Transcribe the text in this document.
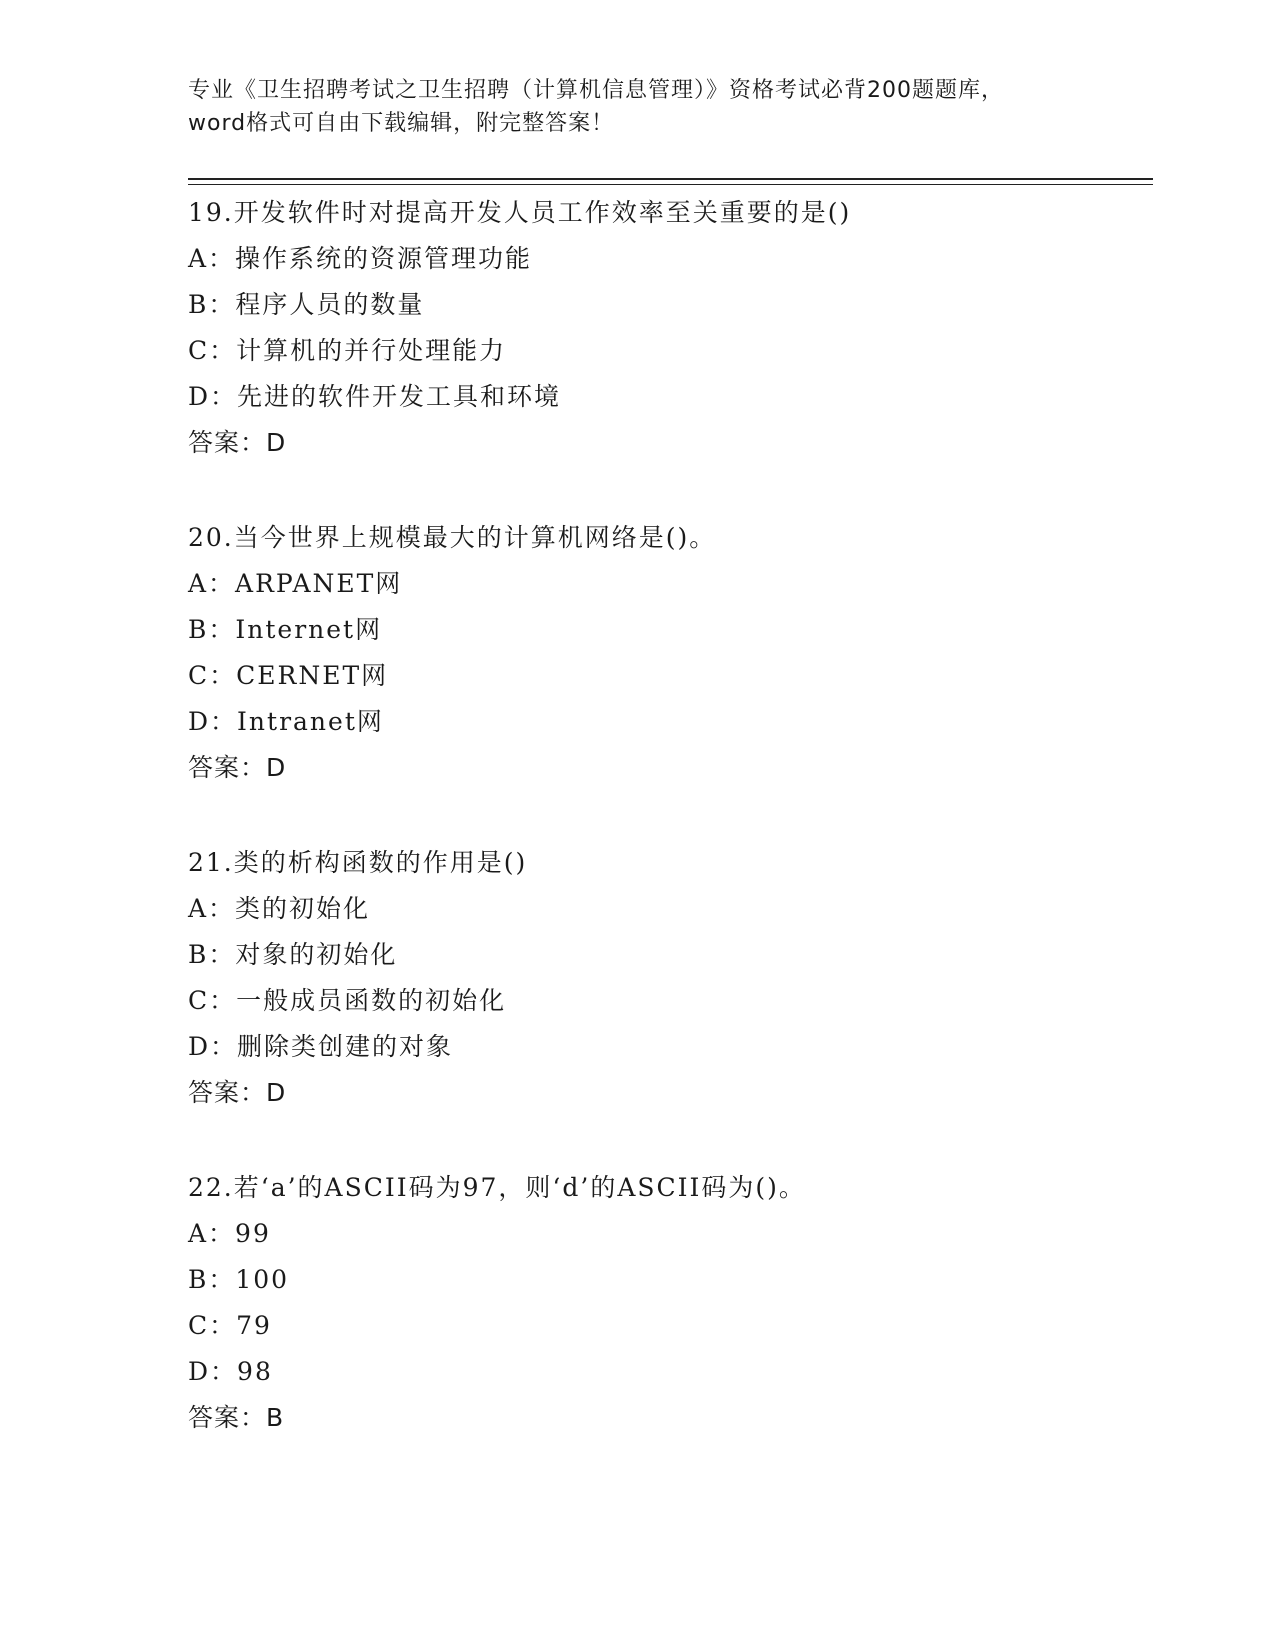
专业《卫生招聘考试之卫生招聘（计算机信息管理）》资格考试必背200题题库，
word格式可自由下载编辑，附完整答案！
19.开发软件时对提高开发人员工作效率至关重要的是()
A：操作系统的资源管理功能
B：程序人员的数量
C：计算机的并行处理能力
D：先进的软件开发工具和环境
答案：D
20.当今世界上规模最大的计算机网络是()。
A：ARPANET网
B：Internet网
C：CERNET网
D：Intranet网
答案：D
21.类的析构函数的作用是()
A：类的初始化
B：对象的初始化
C：一般成员函数的初始化
D：删除类创建的对象
答案：D
22.若‘a’的ASCII码为97，则‘d’的ASCII码为()。
A：99
B：100
C：79
D：98
答案：B
